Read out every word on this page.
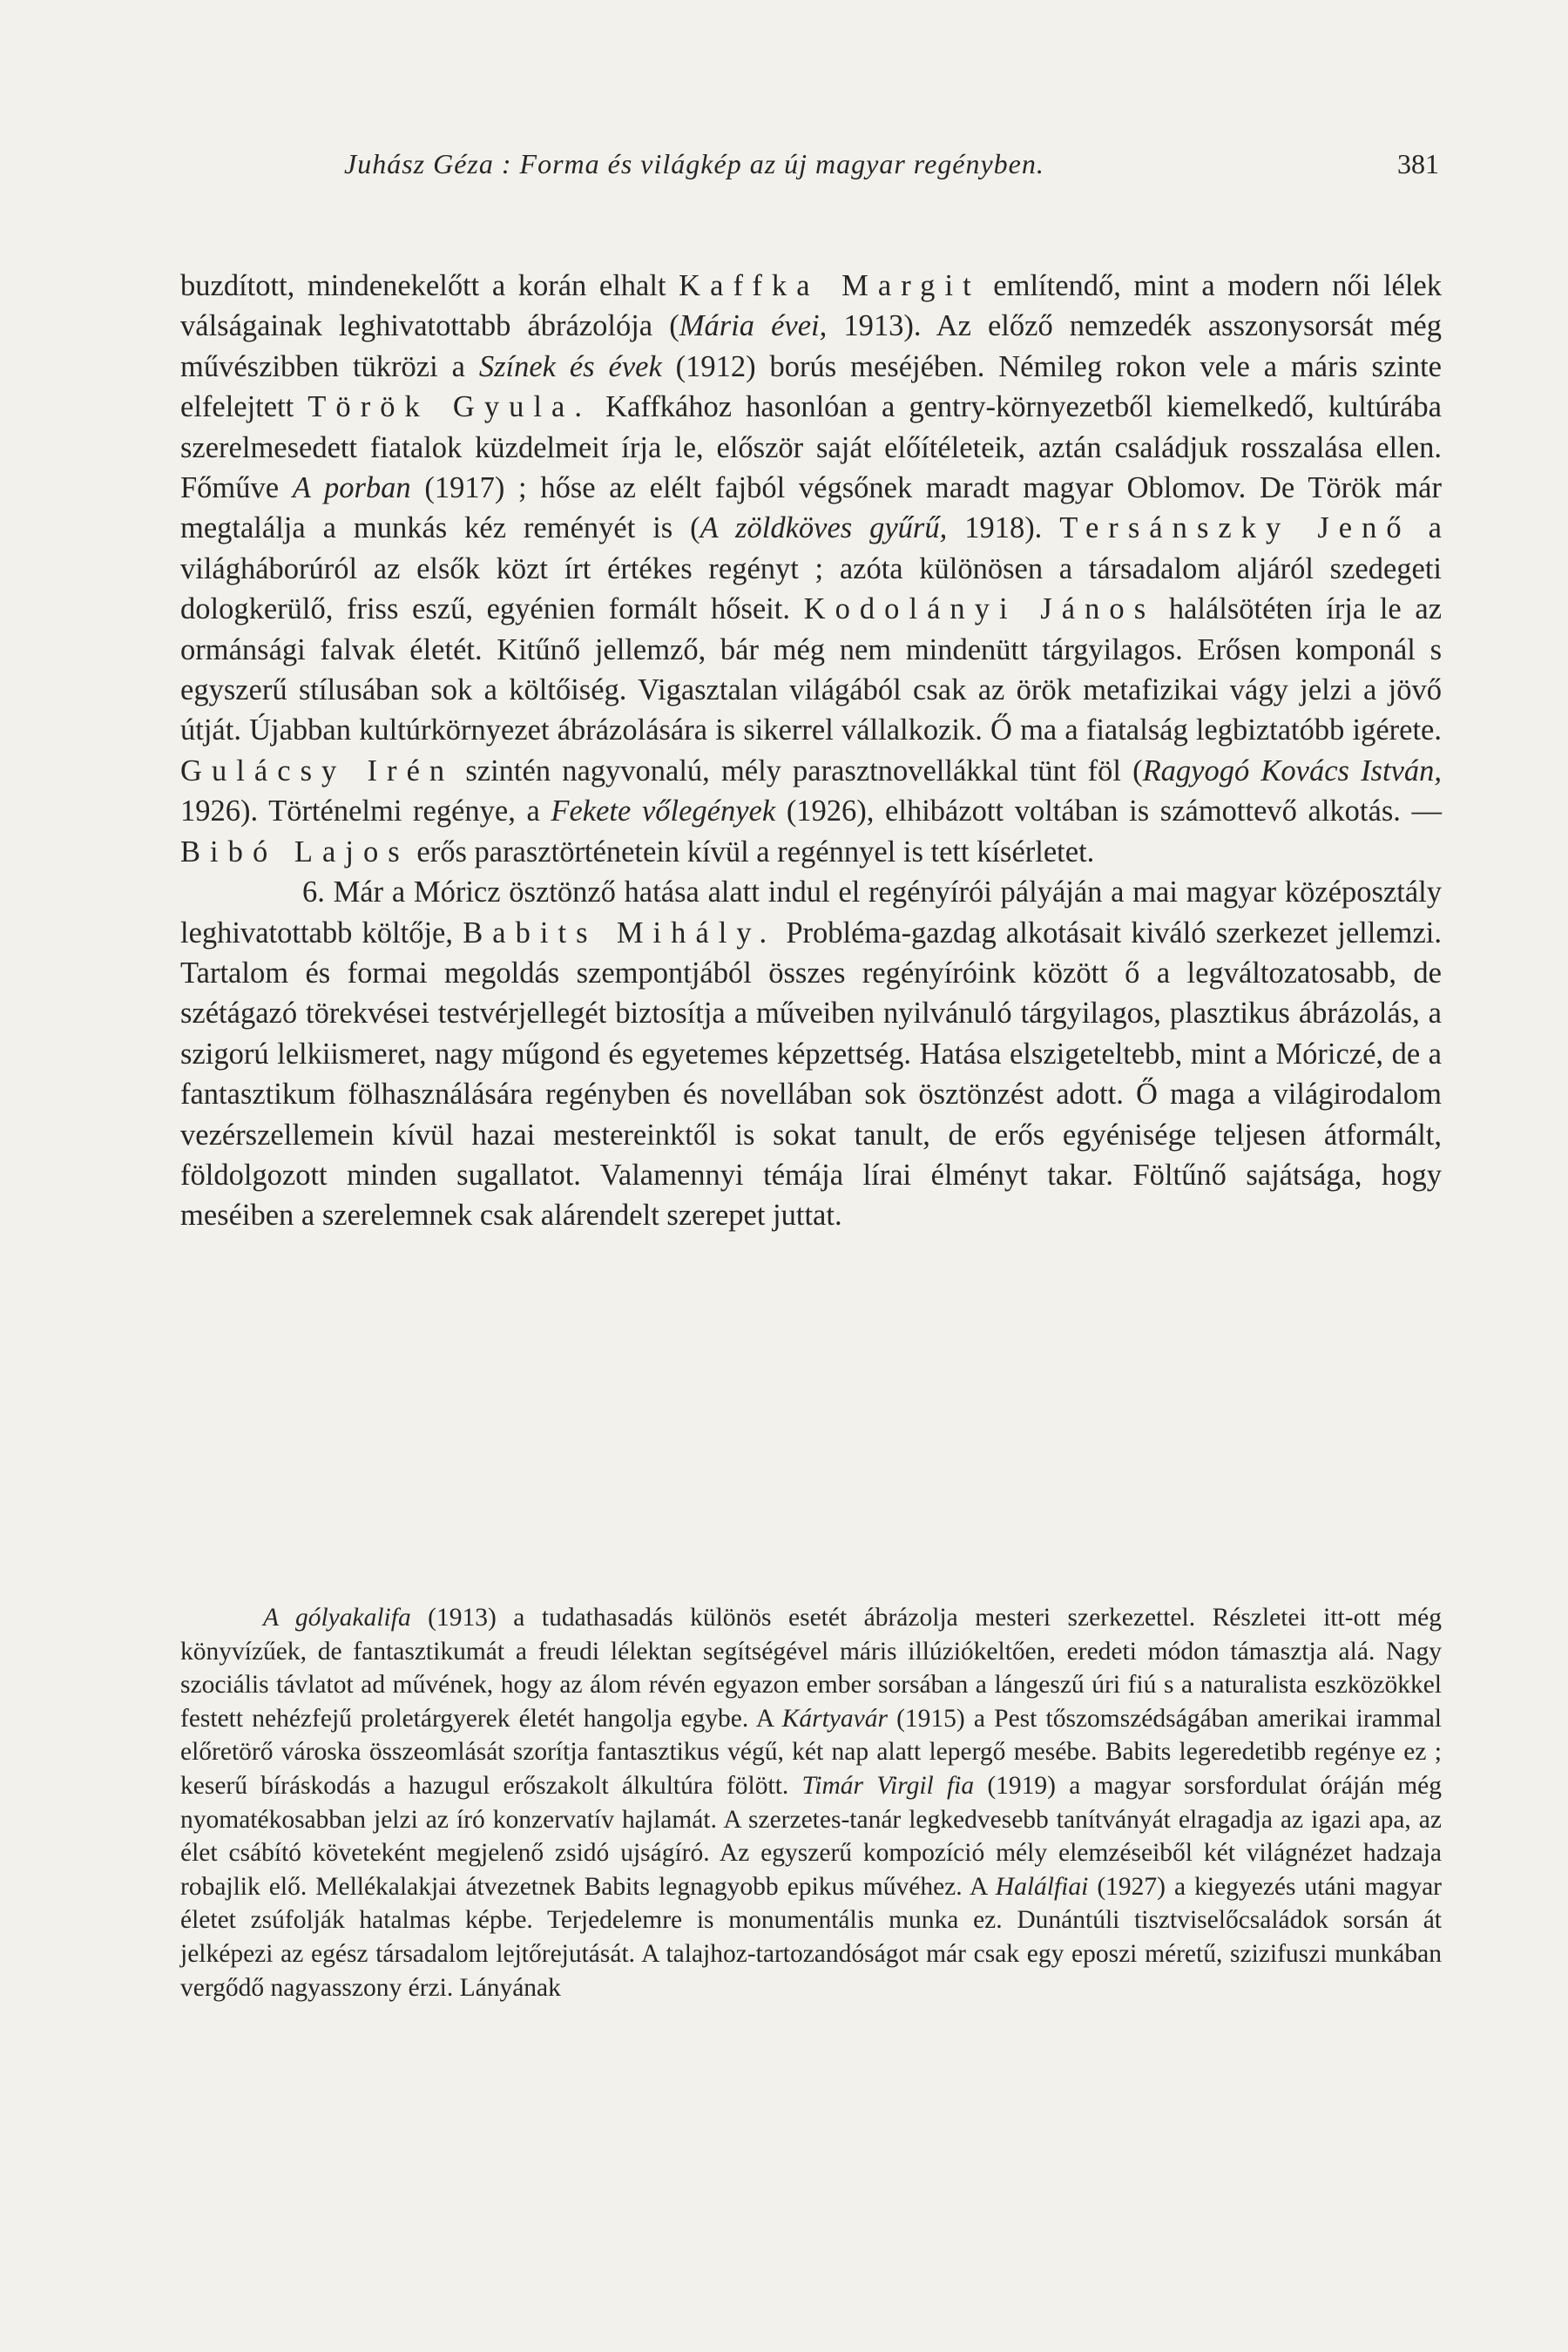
Juhász Géza : Forma és világkép az új magyar regényben.	381

buzdított, mindenekelőtt a korán elhalt Kaffka Margit említendő, mint a modern női lélek válságainak leghivatottabb ábrázolója (Mária évei, 1913). Az előző nemzedék asszonysorsát még művészibben tükrözi a Színek és évek (1912) borús meséjében. Némileg rokon vele a máris szinte elfelejtett Török Gyula. Kaffkához hasonlóan a gentry-környezetből kiemelkedő, kultúrába szerelmesedett fiatalok küzdelmeit írja le, először saját előítéleteik, aztán családjuk rosszalása ellen. Főműve A porban (1917) ; hőse az elélt fajból végsőnek maradt magyar Oblomov. De Török már megtalálja a munkás kéz reményét is (A zöldköves gyűrű, 1918). Tersánszky Jenő a világháborúról az elsők közt írt értékes regényt ; azóta különösen a társadalom aljáról szedegeti dologkerülő, friss eszű, egyénien formált hőseit. Kodolányi János halálsötéten írja le az ormánsági falvak életét. Kitűnő jellemző, bár még nem mindenütt tárgyilagos. Erősen komponál s egyszerű stílusában sok a költőiség. Vigasztalan világából csak az örök metafizikai vágy jelzi a jövő útját. Újabban kultúrkörnyezet ábrázolására is sikerrel vállalkozik. Ő ma a fiatalság legbiztatóbb igérete. Gulácsy Irén szintén nagyvonalú, mély parasztnovellákkal tünt föl (Ragyogó Kovács István, 1926). Történelmi regénye, a Fekete vőlegények (1926), elhibázott voltában is számottevő alkotás. — Bibó Lajos erős parasztörténetein kívül a regénnyel is tett kísérletet.

6. Már a Móricz ösztönző hatása alatt indul el regényírói pályáján a mai magyar középosztály leghivatottabb költője, Babits Mihály. Probléma-gazdag alkotásait kiváló szerkezet jellemzi. Tartalom és formai megoldás szempontjából összes regényíróink között ő a legváltozatosabb, de szétágazó törekvései testvérjellegét biztosítja a műveiben nyilvánuló tárgyilagos, plasztikus ábrázolás, a szigorú lelkiismeret, nagy műgond és egyetemes képzettség. Hatása elszigeteltebb, mint a Móriczé, de a fantasztikum fölhasználására regényben és novellában sok ösztönzést adott. Ő maga a világirodalom vezérszellemein kívül hazai mestereinktől is sokat tanult, de erős egyénisége teljesen átformált, földolgozott minden sugallatot. Valamennyi témája lírai élményt takar. Föltűnő sajátsága, hogy meséiben a szerelemnek csak alárendelt szerepet juttat.

A gólyakalifa (1913) a tudathasadás különös esetét ábrázolja mesteri szerkezettel. Részletei itt-ott még könyvízűek, de fantasztikumát a freudi lélektan segítségével máris illúziókeltően, eredeti módon támasztja alá. Nagy szociális távlatot ad művének, hogy az álom révén egyazon ember sorsában a lángeszű úri fiú s a naturalista eszközökkel festett nehézfejű proletárgyerek életét hangolja egybe. A Kártyavár (1915) a Pest tőszomszédságában amerikai irammal előretörő városka összeomlását szorítja fantasztikus végű, két nap alatt lepergő mesébe. Babits legeredetibb regénye ez ; keserű bíráskodás a hazugul erőszakolt álkultúra fölött. Timár Virgil fia (1919) a magyar sorsfordulat óráján még nyomatékosabban jelzi az író konzervatív hajlamát. A szerzetes-tanár legkedvesebb tanítványát elragadja az igazi apa, az élet csábító követeként megjelenő zsidó ujságíró. Az egyszerű kompozíció mély elemzéseiből két világnézet hadzaja robajlik elő. Mellékalakjai átvezetnek Babits legnagyobb epikus művéhez. A Halálfiai (1927) a kiegyezés utáni magyar életet zsúfolják hatalmas képbe. Terjedelemre is monumentális munka ez. Dunántúli tisztviselőcsaládok sorsán át jelképezi az egész társadalom lejtőrejutását. A talajhoz-tartozandóságot már csak egy eposzi méretű, szizifuszi munkában vergődő nagyasszony érzi. Lányának
